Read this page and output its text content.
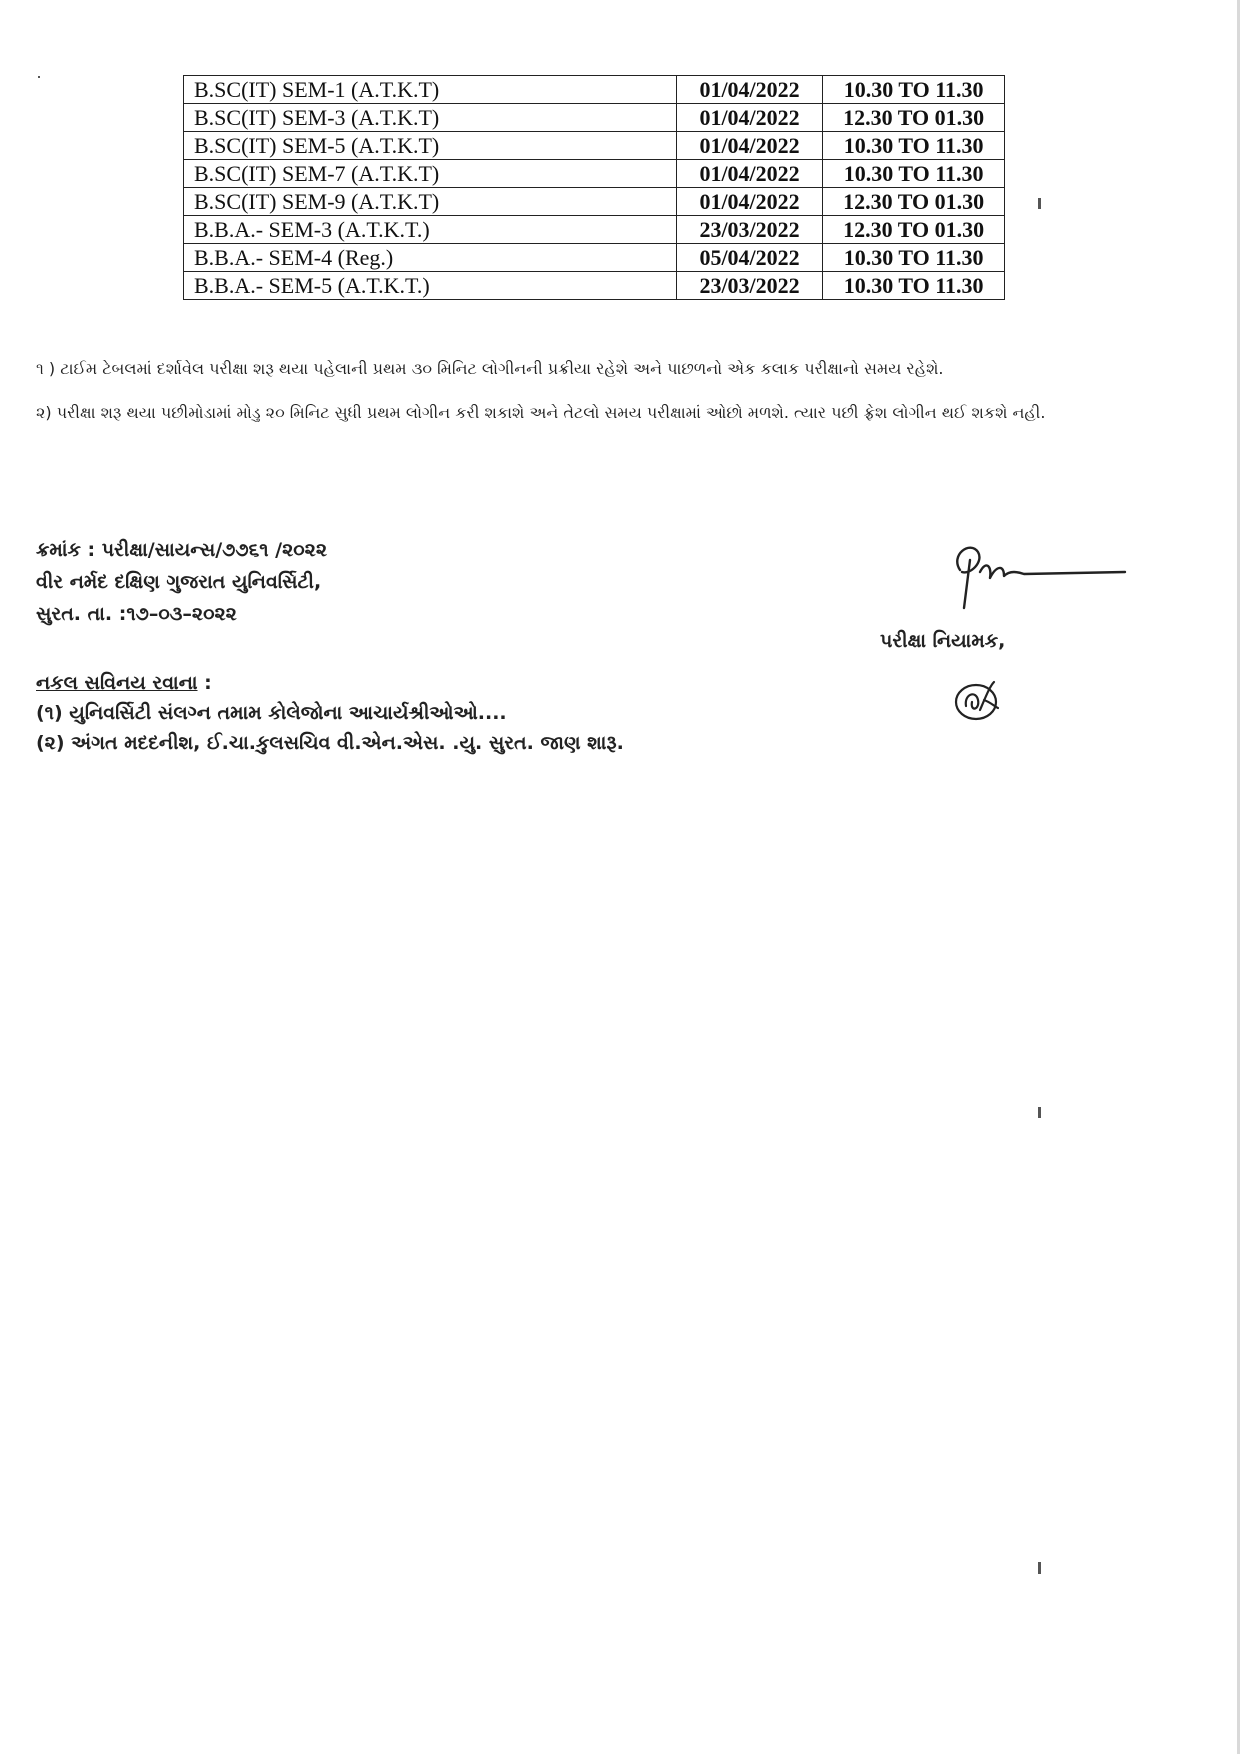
B.SC(IT) SEM-1 (A.T.K.T)	01/04/2022	10.30 TO 11.30
B.SC(IT) SEM-3 (A.T.K.T)	01/04/2022	12.30 TO 01.30
B.SC(IT) SEM-5 (A.T.K.T)	01/04/2022	10.30 TO 11.30
B.SC(IT) SEM-7 (A.T.K.T)	01/04/2022	10.30 TO 11.30
B.SC(IT) SEM-9 (A.T.K.T)	01/04/2022	12.30 TO 01.30
B.B.A.- SEM-3 (A.T.K.T.)	23/03/2022	12.30 TO 01.30
B.B.A.- SEM-4 (Reg.)	05/04/2022	10.30 TO 11.30
B.B.A.- SEM-5 (A.T.K.T.)	23/03/2022	10.30 TO 11.30
૧ ) ટાઈમ ટેબલમાં દર્શાવેલ પરીક્ષા શરૂ થયા પહેલાની પ્રથમ ૩૦ મિનિટ લોગીનની પ્રક્રીયા રહેશે અને પાછળનો એક કલાક પરીક્ષાનો સમય રહેશે.
૨) પરીક્ષા શરૂ થયા પછીમોડામાં મોડુ ૨૦ મિનિટ સુધી પ્રથમ લોગીન કરી શકાશે અને તેટલો સમય પરીક્ષામાં ઓછો મળશે. ત્યાર પછી ફ્રેશ લોગીન થઈ શકશે નહી.
ક્રમાંક : પરીક્ષા/સાયન્સ/૭૭૬૧ /૨૦૨૨
વીર નર્મદ દક્ષિણ ગુજરાત યુનિવર્સિટી,
સુરત. તા. :૧૭–૦૩–૨૦૨૨
પરીક્ષા નિયામક,
નકલ સવિનય રવાના :
(૧) યુનિવર્સિટી સંલગ્ન તમામ કોલેજોના આચાર્યશ્રીઓઓ....
(૨) અંગત મદદનીશ, ઈ.ચા.કુલસચિવ વી.એન.એસ. .યુ. સુરત. જાણ શારૂ.
